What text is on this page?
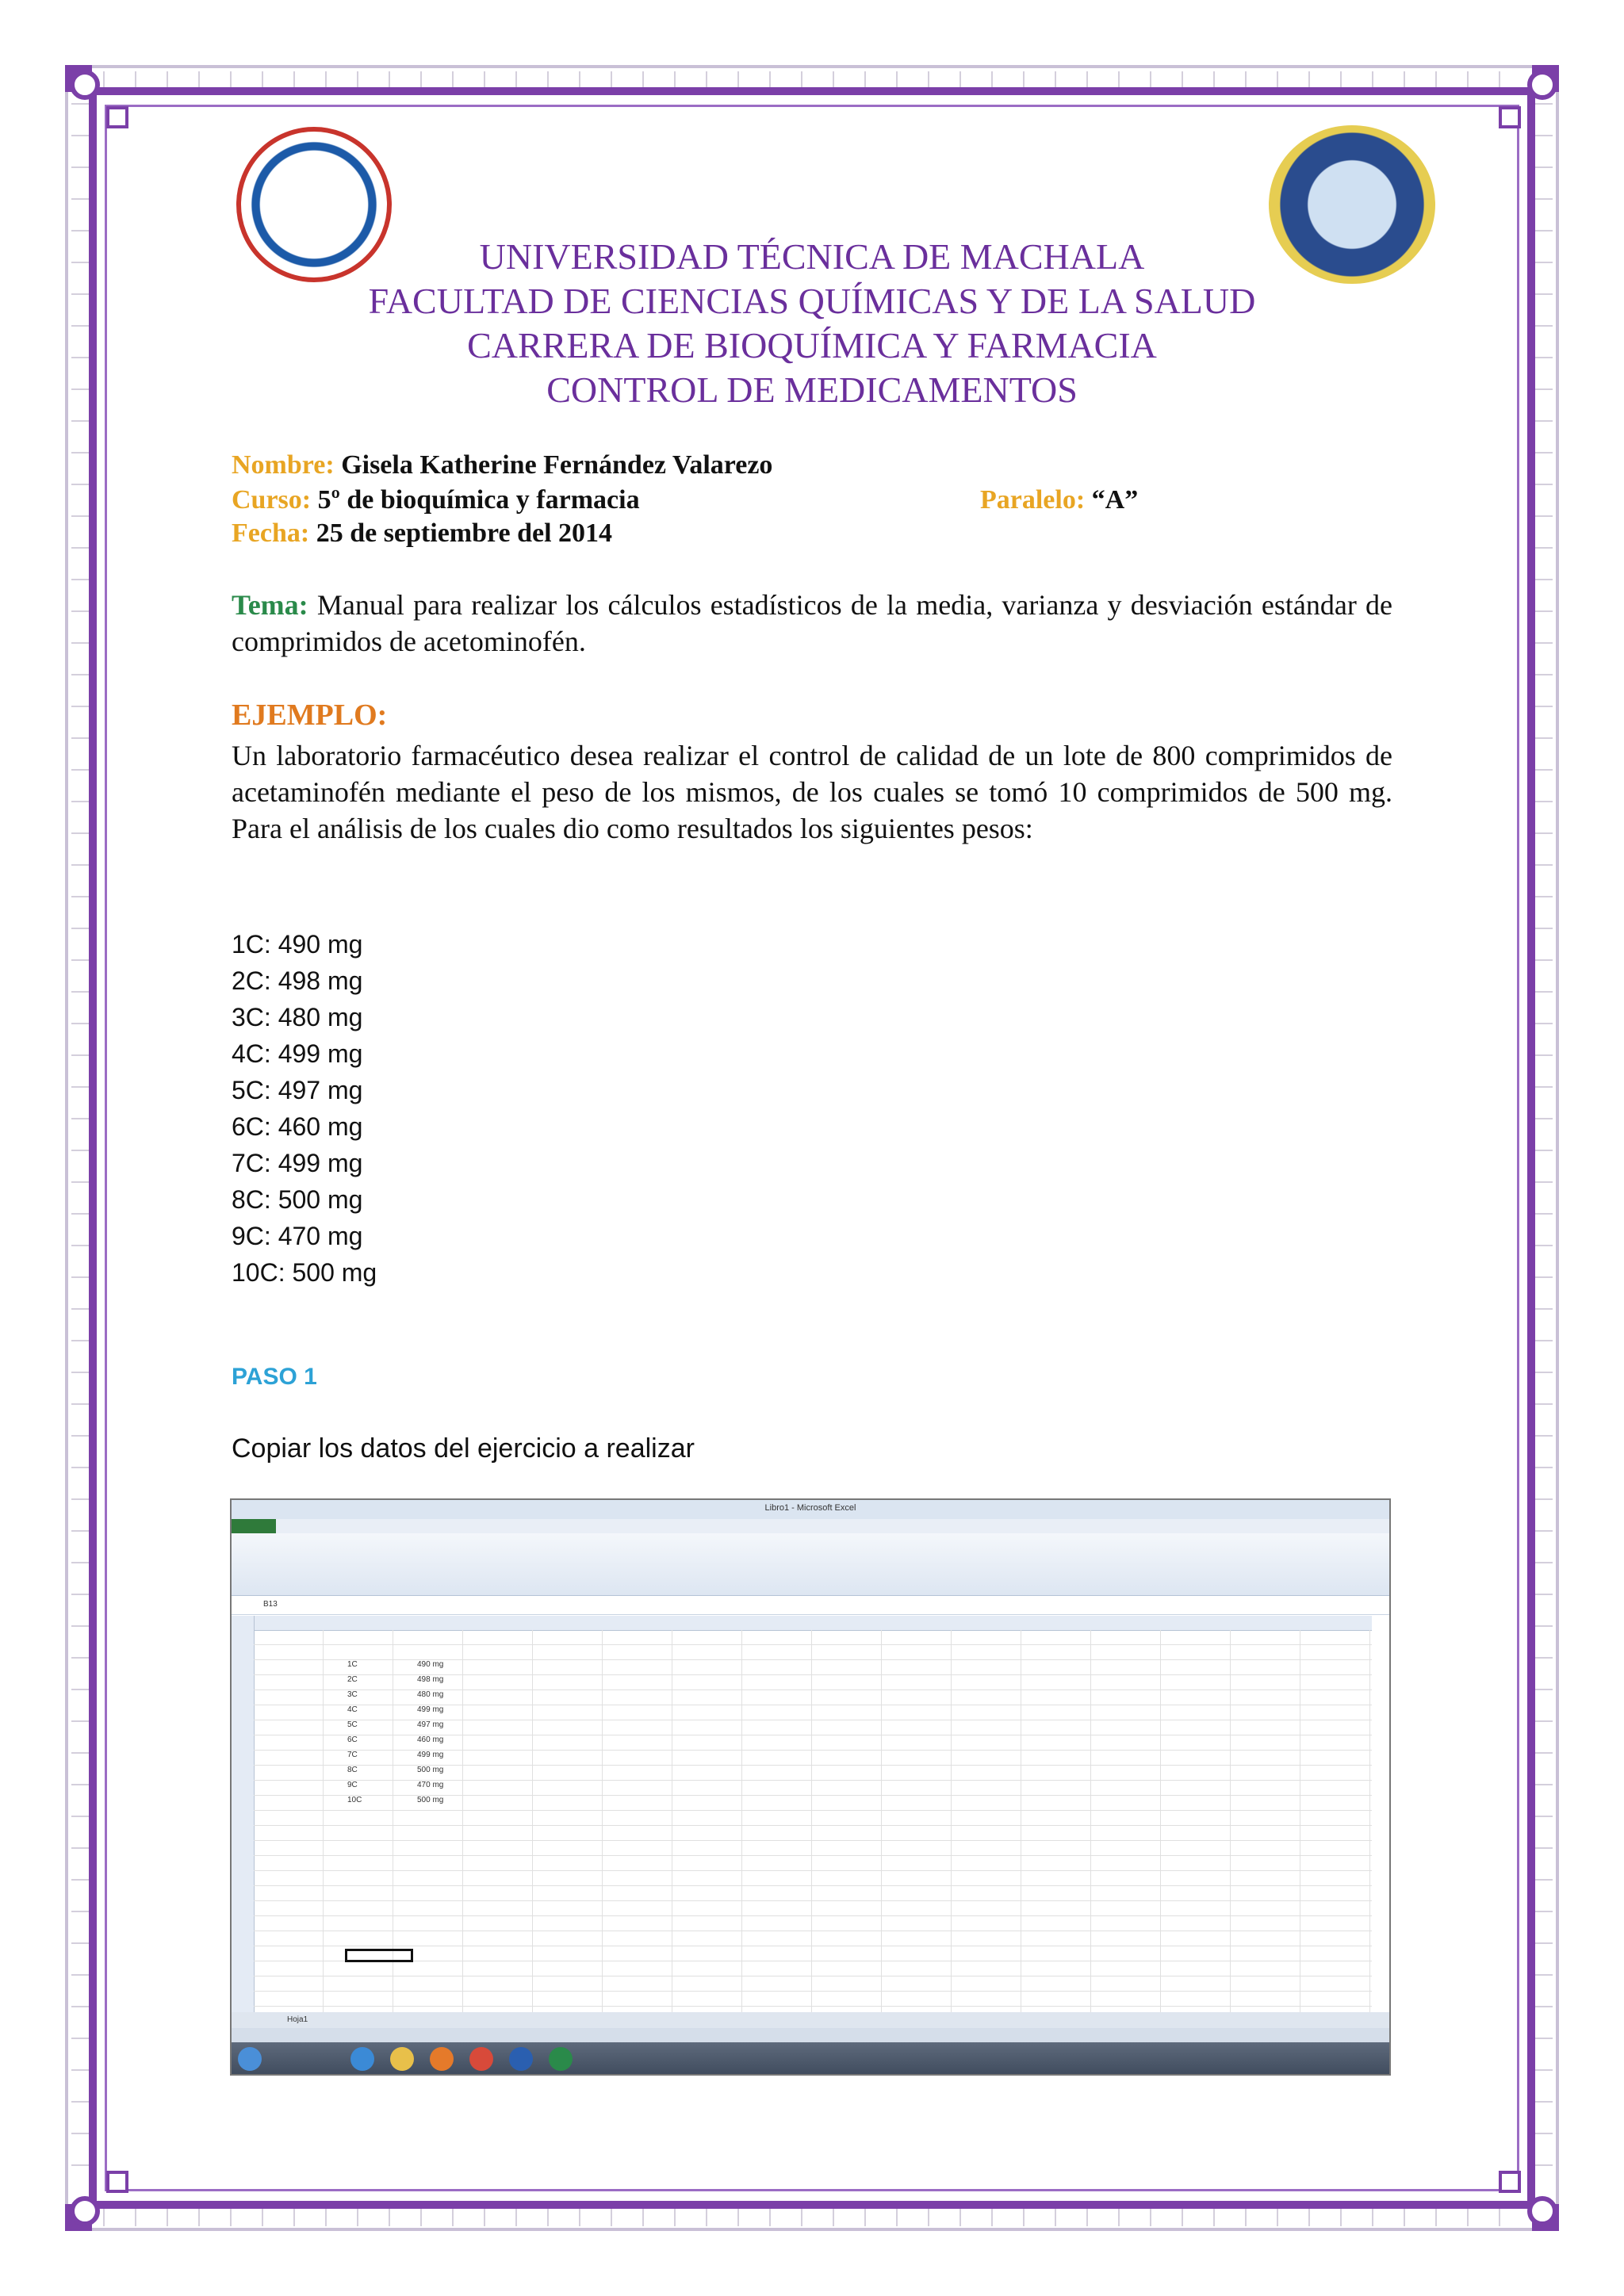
UNIVERSIDAD TÉCNICA DE MACHALA
FACULTAD DE CIENCIAS QUÍMICAS Y DE LA SALUD
CARRERA DE BIOQUÍMICA Y FARMACIA
CONTROL DE MEDICAMENTOS
Nombre: Gisela Katherine Fernández Valarezo
Curso: 5º de bioquímica y farmacia	Paralelo: “A”
Fecha: 25 de septiembre del 2014
Tema: Manual para realizar los cálculos estadísticos de la media, varianza y desviación estándar de comprimidos de acetominofén.
EJEMPLO:
Un laboratorio farmacéutico desea realizar el control de calidad de un lote de 800 comprimidos de acetaminofén mediante el peso de los mismos, de los cuales se tomó 10 comprimidos de 500 mg. Para el análisis de los cuales dio como resultados los siguientes pesos:
1C: 490 mg
2C: 498 mg
3C: 480 mg
4C: 499 mg
5C: 497 mg
6C: 460 mg
7C: 499 mg
8C: 500 mg
9C: 470 mg
10C: 500 mg
PASO 1
Copiar los datos del ejercicio a realizar
Libro1 - Microsoft Excel
B13
1C	490 mg
2C	498 mg
3C	480 mg
4C	499 mg
5C	497 mg
6C	460 mg
7C	499 mg
8C	500 mg
9C	470 mg
10C	500 mg
Hoja1
